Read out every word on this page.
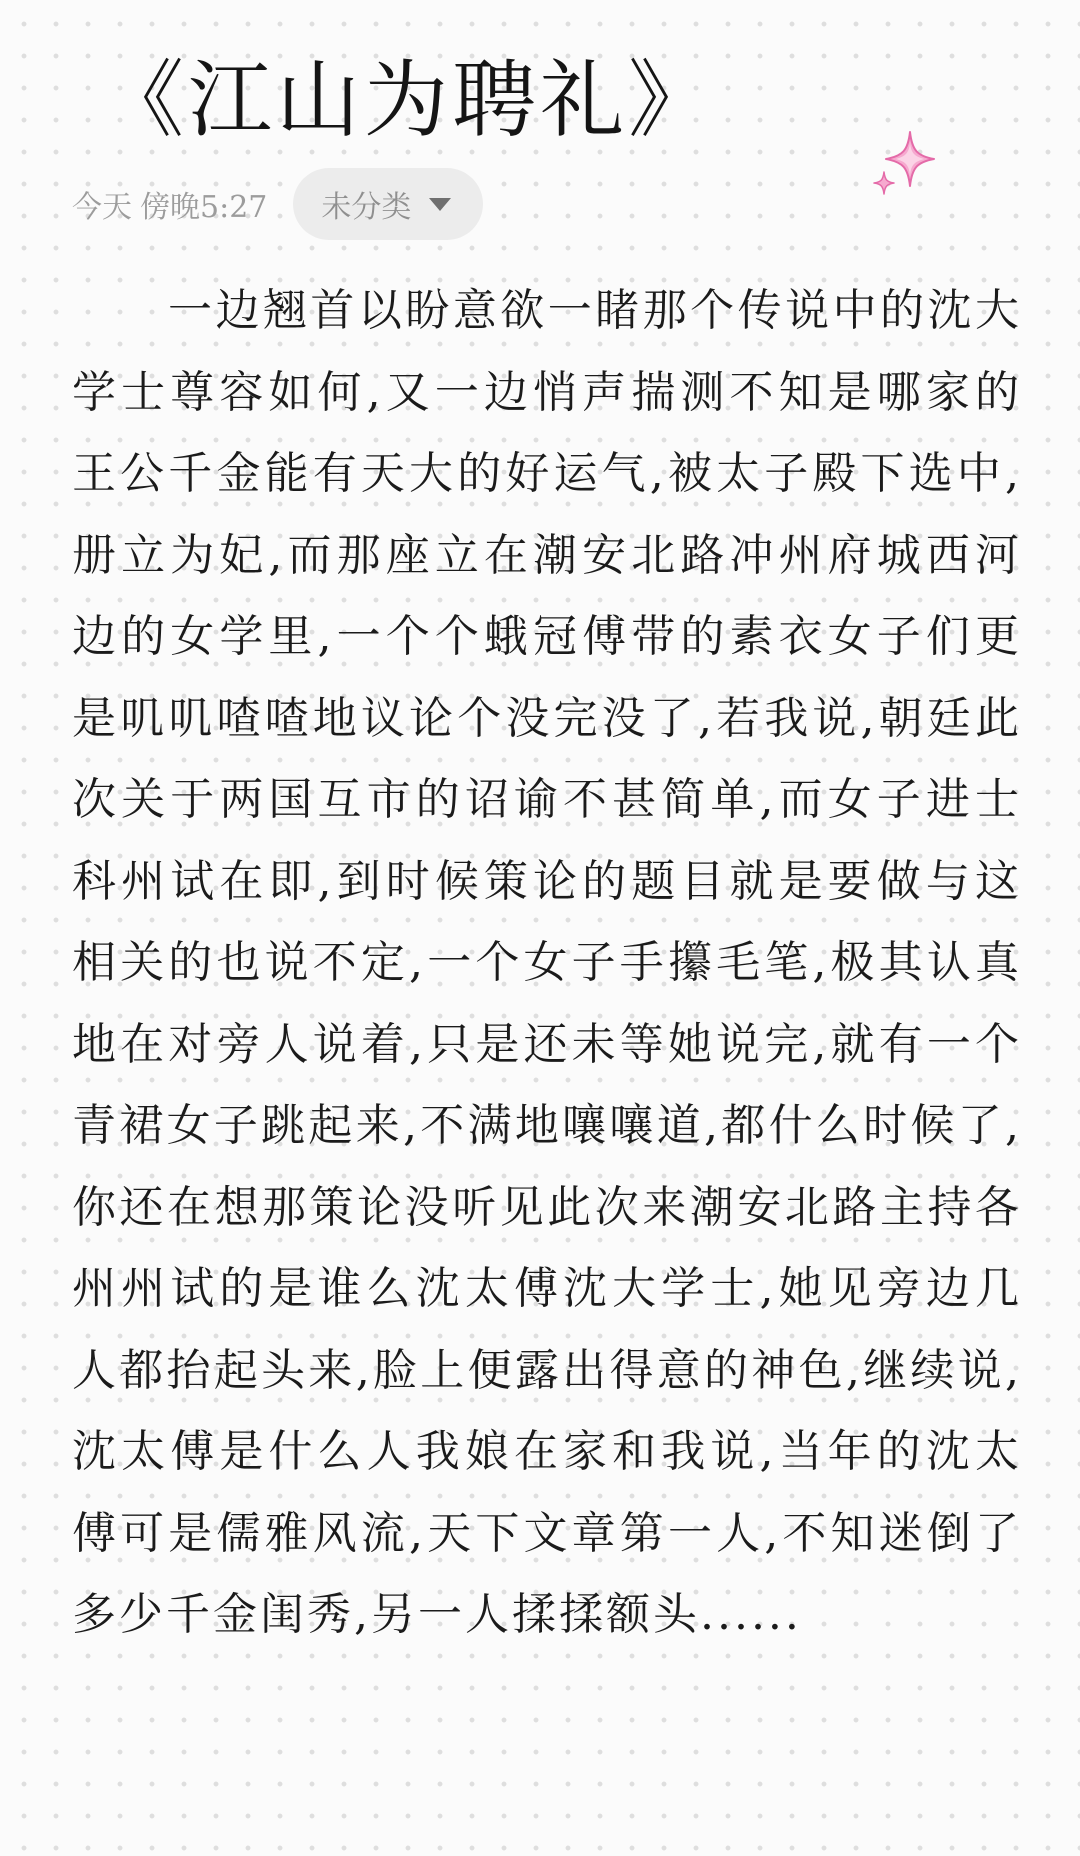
《江山为聘礼》
今天 傍晚5:27 未分类

一边翘首以盼意欲一睹那个传说中的沈大学士尊容如何,又一边悄声揣测不知是哪家的王公千金能有天大的好运气,被太子殿下选中,册立为妃,而那座立在潮安北路冲州府城西河边的女学里,一个个蛾冠傅带的素衣女子们更是叽叽喳喳地议论个没完没了,若我说,朝廷此次关于两国互市的诏谕不甚简单,而女子进士科州试在即,到时候策论的题目就是要做与这相关的也说不定,一个女子手攥毛笔,极其认真地在对旁人说着,只是还未等她说完,就有一个青裙女子跳起来,不满地嚷嚷道,都什么时候了,你还在想那策论没听见此次来潮安北路主持各州州试的是谁么沈太傅沈大学士,她见旁边几人都抬起头来,脸上便露出得意的神色,继续说,沈太傅是什么人我娘在家和我说,当年的沈太傅可是儒雅风流,天下文章第一人,不知迷倒了多少千金闺秀,另一人揉揉额头......
